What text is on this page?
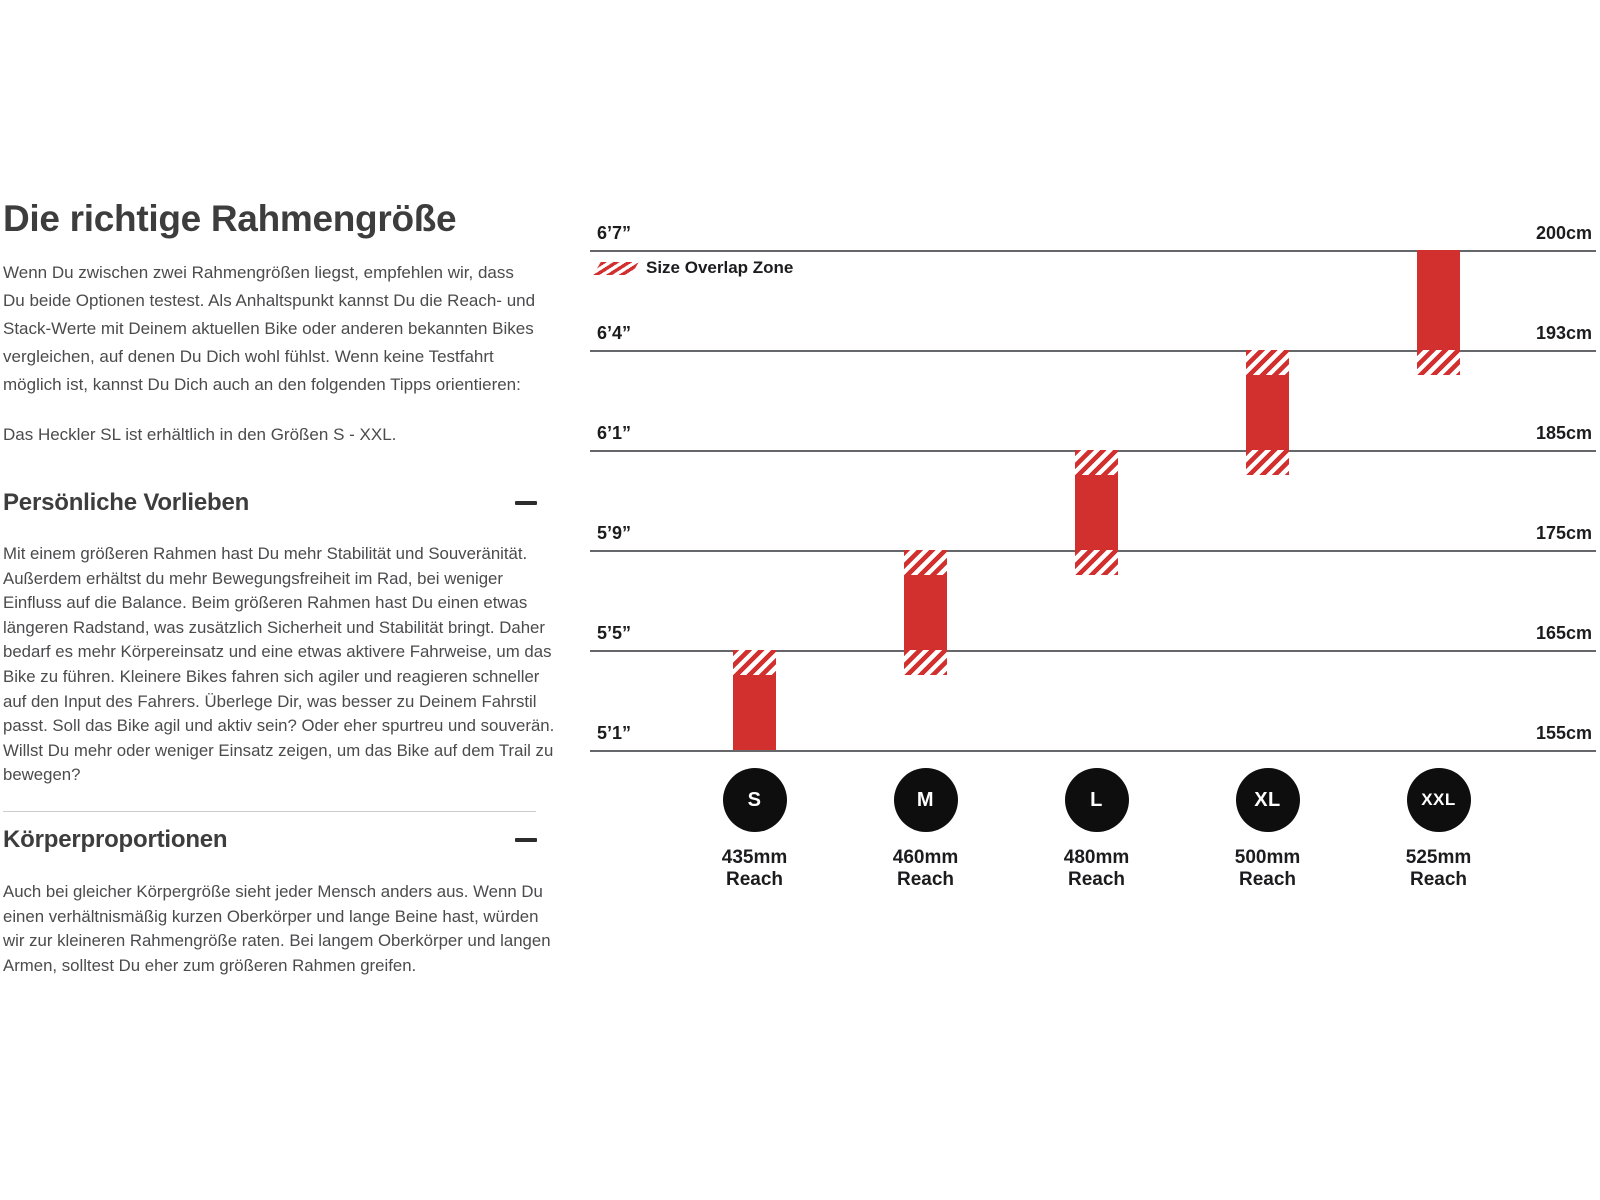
Die richtige Rahmengröße

Wenn Du zwischen zwei Rahmengrößen liegst, empfehlen wir, dass Du beide Optionen testest. Als Anhaltspunkt kannst Du die Reach- und Stack-Werte mit Deinem aktuellen Bike oder anderen bekannten Bikes vergleichen, auf denen Du Dich wohl fühlst. Wenn keine Testfahrt möglich ist, kannst Du Dich auch an den folgenden Tipps orientieren:

Das Heckler SL ist erhältlich in den Größen S - XXL.

Persönliche Vorlieben

Mit einem größeren Rahmen hast Du mehr Stabilität und Souveränität. Außerdem erhältst du mehr Bewegungsfreiheit im Rad, bei weniger Einfluss auf die Balance. Beim größeren Rahmen hast Du einen etwas längeren Radstand, was zusätzlich Sicherheit und Stabilität bringt. Daher bedarf es mehr Körpereinsatz und eine etwas aktivere Fahrweise, um das Bike zu führen. Kleinere Bikes fahren sich agiler und reagieren schneller auf den Input des Fahrers. Überlege Dir, was besser zu Deinem Fahrstil passt. Soll das Bike agil und aktiv sein? Oder eher spurtreu und souverän. Willst Du mehr oder weniger Einsatz zeigen, um das Bike auf dem Trail zu bewegen?

Körperproportionen

Auch bei gleicher Körpergröße sieht jeder Mensch anders aus. Wenn Du einen verhältnismäßig kurzen Oberkörper und lange Beine hast, würden wir zur kleineren Rahmengröße raten. Bei langem Oberkörper und langen Armen, solltest Du eher zum größeren Rahmen greifen.

Size Overlap Zone
6’7”	200cm
6’4”	193cm
6’1”	185cm
5’9”	175cm
5’5”	165cm
5’1”	155cm
S
435mm
Reach
M
460mm
Reach
L
480mm
Reach
XL
500mm
Reach
XXL
525mm
Reach
